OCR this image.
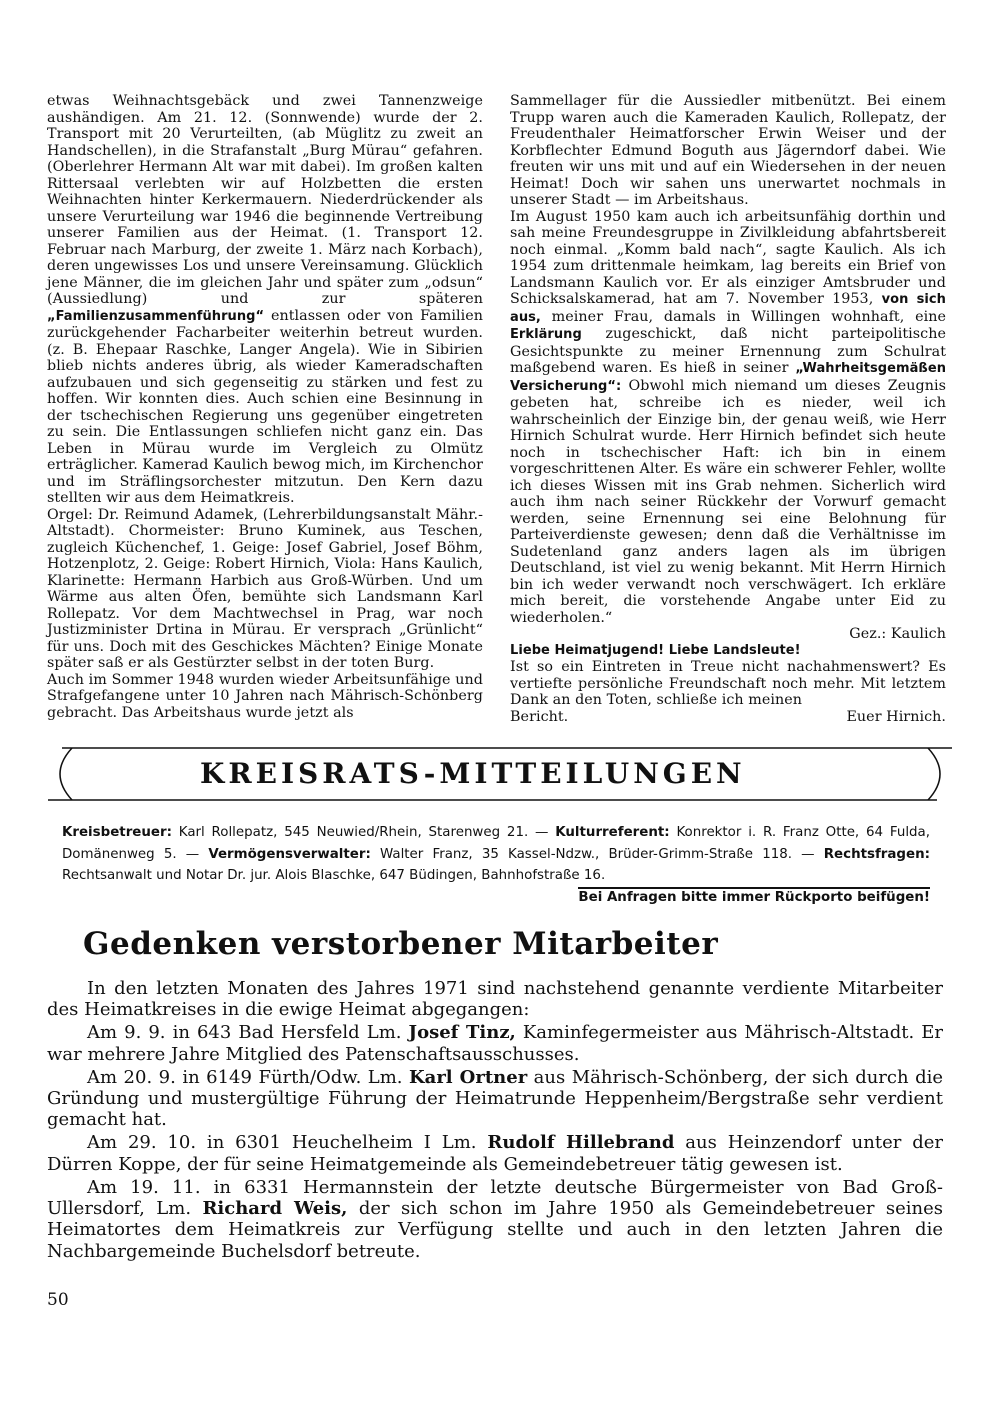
etwas Weihnachtsgebäck und zwei Tannenzweige aushändigen. Am 21. 12. (Sonnwende) wurde der 2. Transport mit 20 Verurteilten, (ab Müglitz zu zweit an Handschellen), in die Strafanstalt „Burg Mürau“ gefahren. (Oberlehrer Hermann Alt war mit dabei). Im großen kalten Rittersaal verlebten wir auf Holzbetten die ersten Weihnachten hinter Kerkermauern. Niederdrückender als unsere Verurteilung war 1946 die beginnende Vertreibung unserer Familien aus der Heimat. (1. Transport 12. Februar nach Marburg, der zweite 1. März nach Korbach), deren ungewisses Los und unsere Vereinsamung. Glücklich jene Männer, die im gleichen Jahr und später zum „odsun“ (Aussiedlung) und zur späteren „Familienzusammenführung“ entlassen oder von Familien zurückgehender Facharbeiter weiterhin betreut wurden. (z. B. Ehepaar Raschke, Langer Angela). Wie in Sibirien blieb nichts anderes übrig, als wieder Kameradschaften aufzubauen und sich gegenseitig zu stärken und fest zu hoffen. Wir konnten dies. Auch schien eine Besinnung in der tschechischen Regierung uns gegenüber eingetreten zu sein. Die Entlassungen schliefen nicht ganz ein. Das Leben in Mürau wurde im Vergleich zu Olmütz erträglicher. Kamerad Kaulich bewog mich, im Kirchenchor und im Sträflingsorchester mitzutun. Den Kern dazu stellten wir aus dem Heimatkreis.

Orgel: Dr. Reimund Adamek, (Lehrerbildungsanstalt Mähr.-Altstadt). Chormeister: Bruno Kuminek, aus Teschen, zugleich Küchenchef, 1. Geige: Josef Gabriel, Josef Böhm, Hotzenplotz, 2. Geige: Robert Hirnich, Viola: Hans Kaulich, Klarinette: Hermann Harbich aus Groß-Würben. Und um Wärme aus alten Öfen, bemühte sich Landsmann Karl Rollepatz. Vor dem Machtwechsel in Prag, war noch Justizminister Drtina in Mürau. Er versprach „Grünlicht“ für uns. Doch mit des Geschickes Mächten? Einige Monate später saß er als Gestürzter selbst in der toten Burg.

Auch im Sommer 1948 wurden wieder Arbeitsunfähige und Strafgefangene unter 10 Jahren nach Mährisch-Schönberg gebracht. Das Arbeitshaus wurde jetzt als

Sammellager für die Aussiedler mitbenützt. Bei einem Trupp waren auch die Kameraden Kaulich, Rollepatz, der Freudenthaler Heimatforscher Erwin Weiser und der Korbflechter Edmund Boguth aus Jägerndorf dabei. Wie freuten wir uns mit und auf ein Wiedersehen in der neuen Heimat! Doch wir sahen uns unerwartet nochmals in unserer Stadt — im Arbeitshaus.

Im August 1950 kam auch ich arbeitsunfähig dorthin und sah meine Freundesgruppe in Zivilkleidung abfahrtsbereit noch einmal. „Komm bald nach“, sagte Kaulich. Als ich 1954 zum drittenmale heimkam, lag bereits ein Brief von Landsmann Kaulich vor. Er als einziger Amtsbruder und Schicksalskamerad, hat am 7. November 1953, von sich aus, meiner Frau, damals in Willingen wohnhaft, eine Erklärung zugeschickt, daß nicht parteipolitische Gesichtspunkte zu meiner Ernennung zum Schulrat maßgebend waren. Es hieß in seiner „Wahrheitsgemäßen Versicherung“: Obwohl mich niemand um dieses Zeugnis gebeten hat, schreibe ich es nieder, weil ich wahrscheinlich der Einzige bin, der genau weiß, wie Herr Hirnich Schulrat wurde. Herr Hirnich befindet sich heute noch in tschechischer Haft: ich bin in einem vorgeschrittenen Alter. Es wäre ein schwerer Fehler, wollte ich dieses Wissen mit ins Grab nehmen. Sicherlich wird auch ihm nach seiner Rückkehr der Vorwurf gemacht werden, seine Ernennung sei eine Belohnung für Parteiverdienste gewesen; denn daß die Verhältnisse im Sudetenland ganz anders lagen als im übrigen Deutschland, ist viel zu wenig bekannt. Mit Herrn Hirnich bin ich weder verwandt noch verschwägert. Ich erkläre mich bereit, die vorstehende Angabe unter Eid zu wiederholen.“

Gez.: Kaulich

Liebe Heimatjugend! Liebe Landsleute!

Ist so ein Eintreten in Treue nicht nachahmenswert? Es vertiefte persönliche Freundschaft noch mehr. Mit letztem Dank an den Toten, schließe ich meinen

Bericht.	Euer Hirnich.

KREISRATS-MITTEILUNGEN

Kreisbetreuer: Karl Rollepatz, 545 Neuwied/Rhein, Starenweg 21. — Kulturreferent: Konrektor i. R. Franz Otte, 64 Fulda, Domänenweg 5. — Vermögensverwalter: Walter Franz, 35 Kassel-Ndzw., Brüder-Grimm-Straße 118. — Rechtsfragen: Rechtsanwalt und Notar Dr. jur. Alois Blaschke, 647 Büdingen, Bahnhofstraße 16.

Bei Anfragen bitte immer Rückporto beifügen!

Gedenken verstorbener Mitarbeiter

In den letzten Monaten des Jahres 1971 sind nachstehend genannte verdiente Mitarbeiter des Heimatkreises in die ewige Heimat abgegangen:

Am 9. 9. in 643 Bad Hersfeld Lm. Josef Tinz, Kaminfegermeister aus Mährisch-Altstadt. Er war mehrere Jahre Mitglied des Patenschaftsausschusses.

Am 20. 9. in 6149 Fürth/Odw. Lm. Karl Ortner aus Mährisch-Schönberg, der sich durch die Gründung und mustergültige Führung der Heimatrunde Heppenheim/Bergstraße sehr verdient gemacht hat.

Am 29. 10. in 6301 Heuchelheim I Lm. Rudolf Hillebrand aus Heinzendorf unter der Dürren Koppe, der für seine Heimatgemeinde als Gemeindebetreuer tätig gewesen ist.

Am 19. 11. in 6331 Hermannstein der letzte deutsche Bürgermeister von Bad Groß-Ullersdorf, Lm. Richard Weis, der sich schon im Jahre 1950 als Gemeindebetreuer seines Heimatortes dem Heimatkreis zur Verfügung stellte und auch in den letzten Jahren die Nachbargemeinde Buchelsdorf betreute.

50
